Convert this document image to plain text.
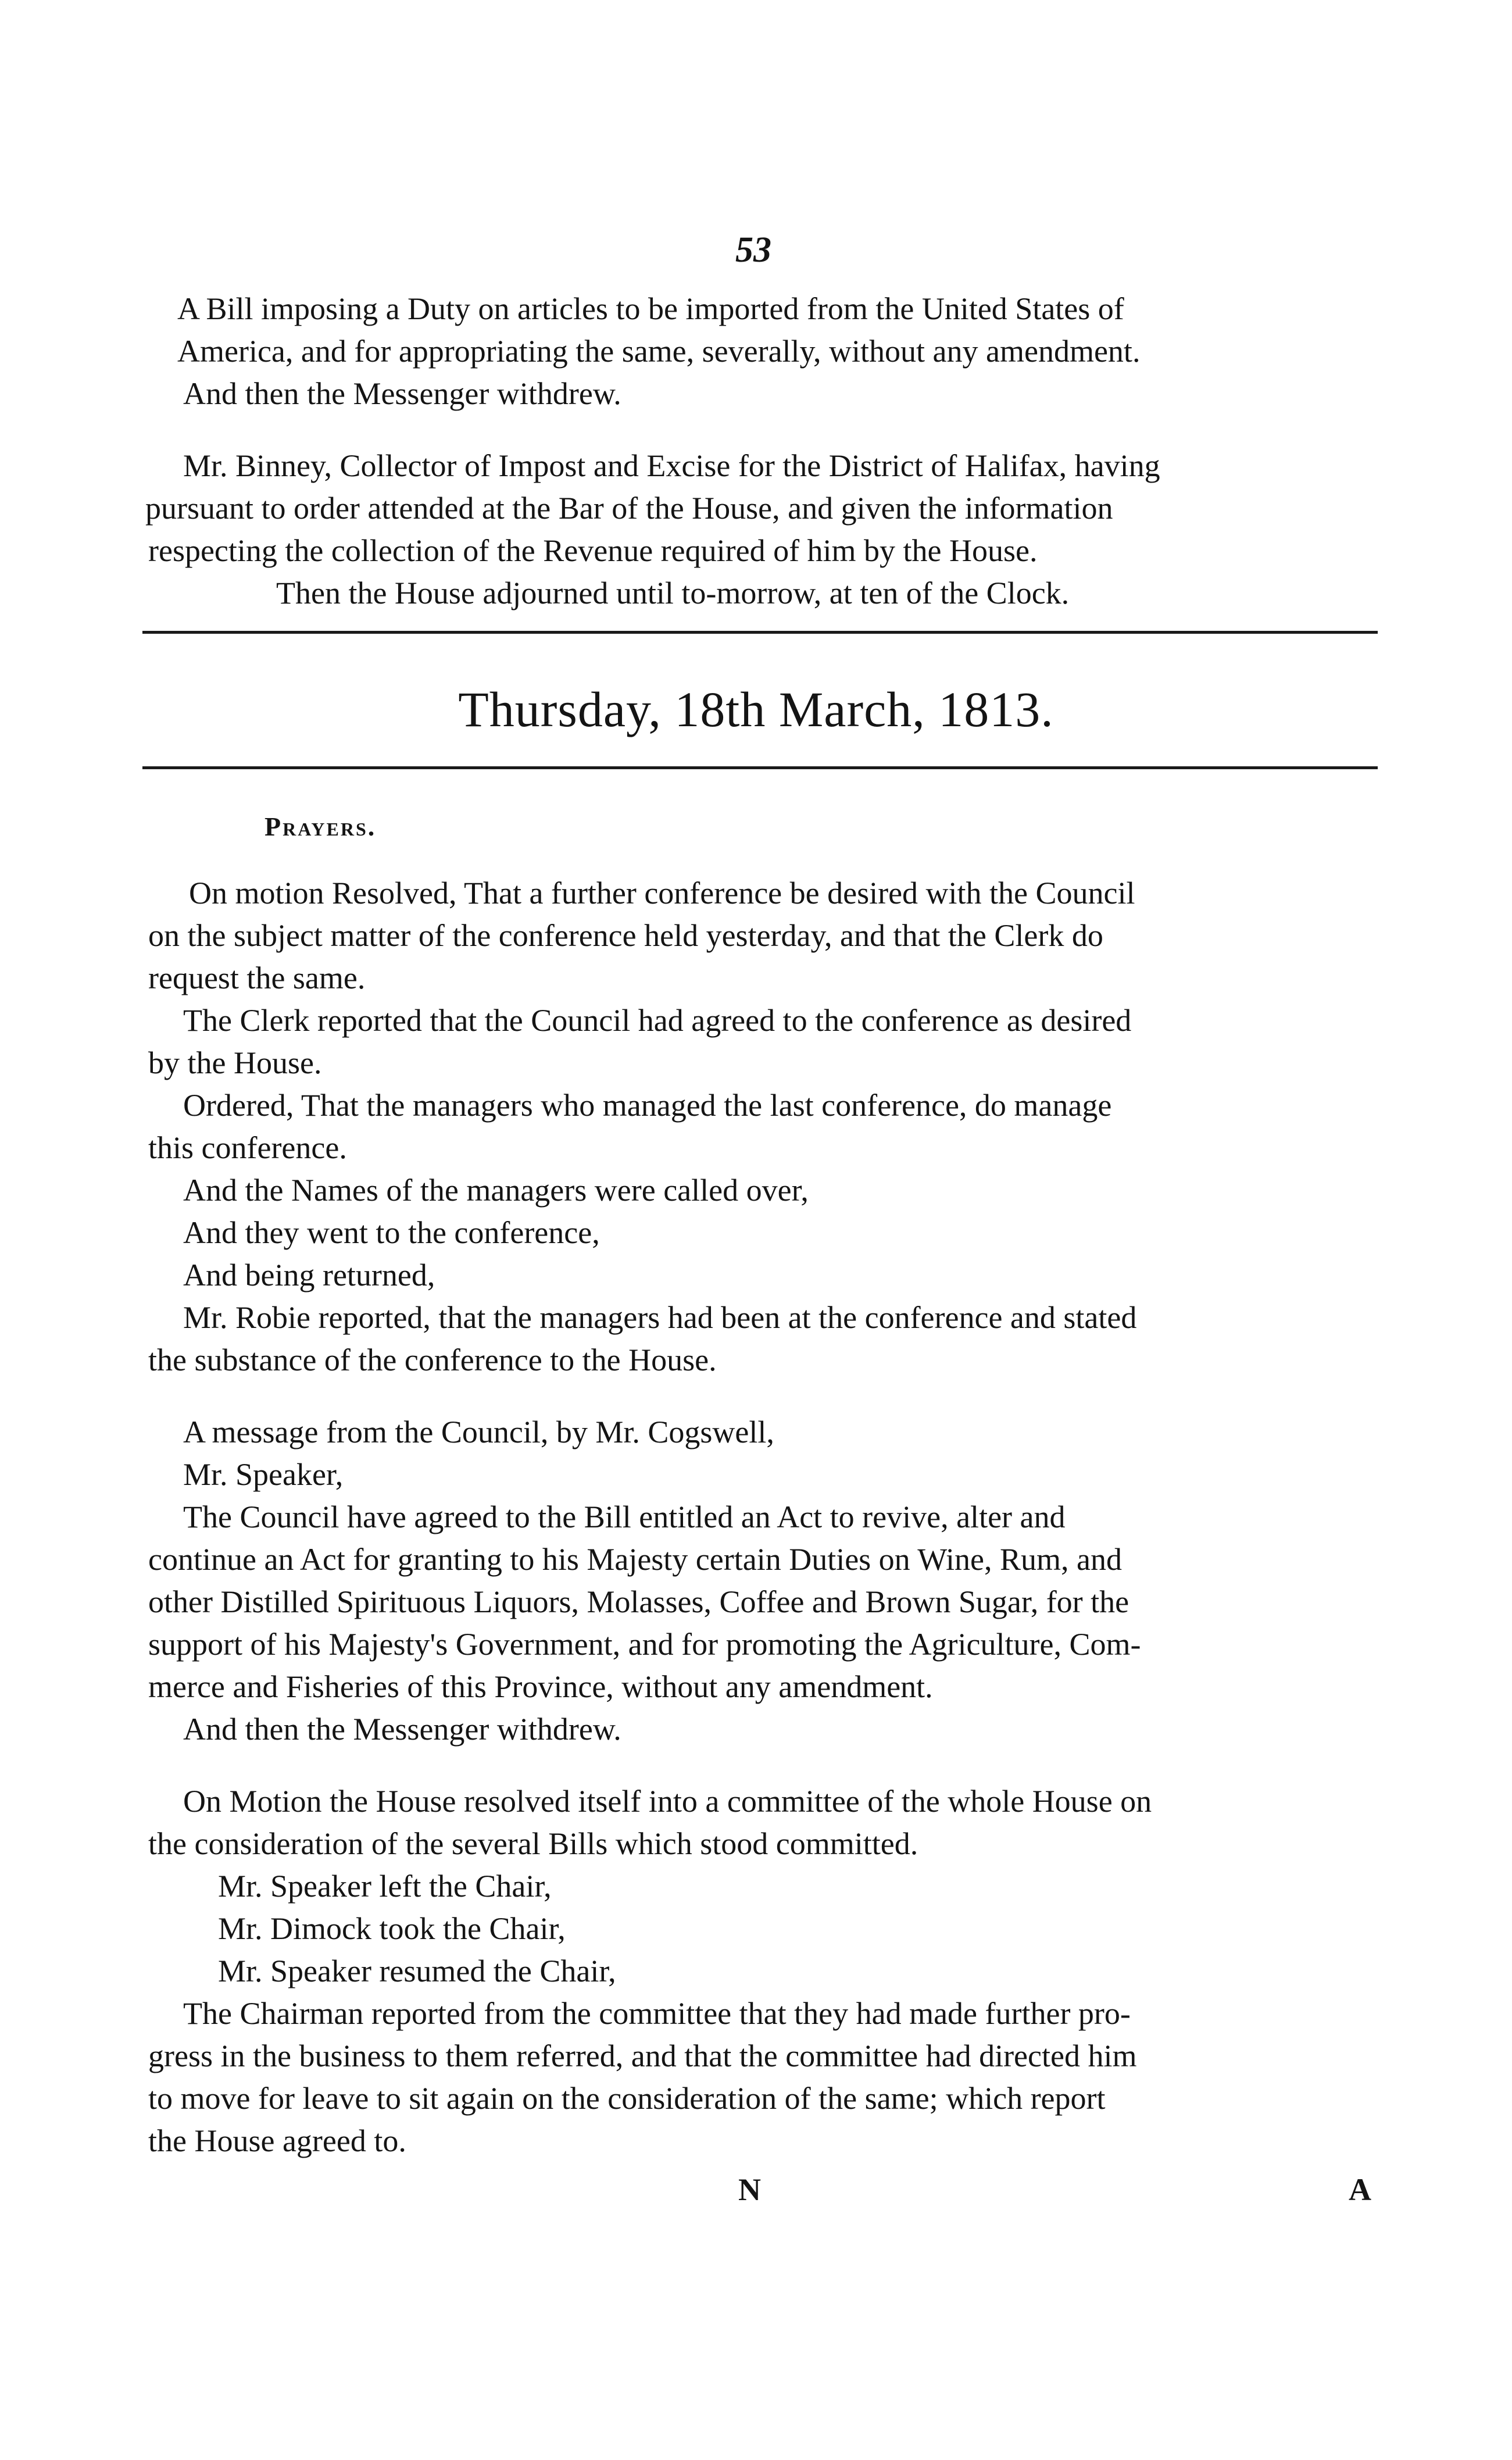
53
A Bill imposing a Duty on articles to be imported from the United States of
America, and for appropriating the same, severally, without any amendment.
And then the Messenger withdrew.
Mr. Binney, Collector of Impost and Excise for the District of Halifax, having
pursuant to order attended at the Bar of the House, and given the information
respecting the collection of the Revenue required of him by the House.
Then the House adjourned until to-morrow, at ten of the Clock.
Thursday, 18th March, 1813.
Prayers.
On motion Resolved, That a further conference be desired with the Council
on the subject matter of the conference held yesterday, and that the Clerk do
request the same.
The Clerk reported that the Council had agreed to the conference as desired
by the House.
Ordered, That the managers who managed the last conference, do manage
this conference.
And the Names of the managers were called over,
And they went to the conference,
And being returned,
Mr. Robie reported, that the managers had been at the conference and stated
the substance of the conference to the House.
A message from the Council, by Mr. Cogswell,
Mr. Speaker,
The Council have agreed to the Bill entitled an Act to revive, alter and
continue an Act for granting to his Majesty certain Duties on Wine, Rum, and
other Distilled Spirituous Liquors, Molasses, Coffee and Brown Sugar, for the
support of his Majesty's Government, and for promoting the Agriculture, Com-
merce and Fisheries of this Province, without any amendment.
And then the Messenger withdrew.
On Motion the House resolved itself into a committee of the whole House on
the consideration of the several Bills which stood committed.
Mr. Speaker left the Chair,
Mr. Dimock took the Chair,
Mr. Speaker resumed the Chair,
The Chairman reported from the committee that they had made further pro-
gress in the business to them referred, and that the committee had directed him
to move for leave to sit again on the consideration of the same; which report
the House agreed to.
N	A
